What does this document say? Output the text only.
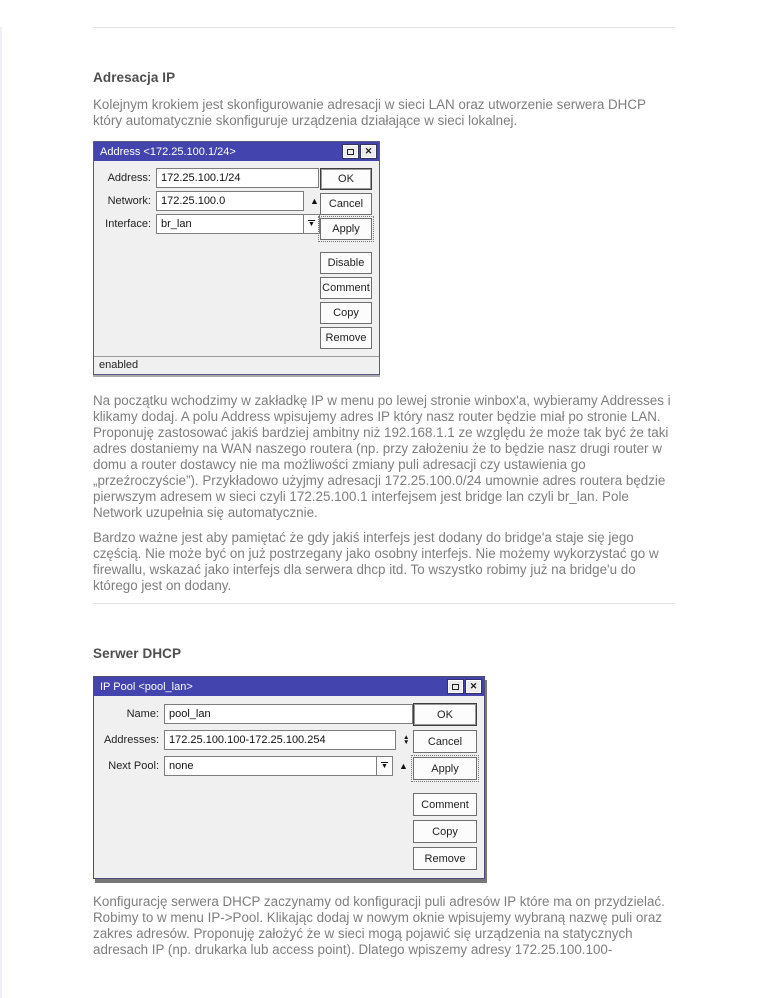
Adresacja IP

Kolejnym krokiem jest skonfigurowanie adresacji w sieci LAN oraz utworzenie serwera DHCP który automatycznie skonfiguruje urządzenia działające w sieci lokalnej.

Address <172.25.100.1/24>	✕
Address:
172.25.100.1/24
Network:
172.25.100.0	▲
Interface:
br_lan	▼
OK
Cancel
Apply
Disable
Comment
Copy
Remove
enabled

Na początku wchodzimy w zakładkę IP w menu po lewej stronie winbox'a, wybieramy Addresses i klikamy dodaj. A polu Address wpisujemy adres IP który nasz router będzie miał po stronie LAN. Proponuję zastosować jakiś bardziej ambitny niż 192.168.1.1 ze względu że może tak być że taki adres dostaniemy na WAN naszego routera (np. przy założeniu że to będzie nasz drugi router w domu a router dostawcy nie ma możliwości zmiany puli adresacji czy ustawienia go „przeźroczyście”). Przykładowo użyjmy adresacji 172.25.100.0/24 umownie adres routera będzie pierwszym adresem w sieci czyli 172.25.100.1 interfejsem jest bridge lan czyli br_lan. Pole Network uzupełnia się automatycznie.

Bardzo ważne jest aby pamiętać że gdy jakiś interfejs jest dodany do bridge'a staje się jego częścią. Nie może być on już postrzegany jako osobny interfejs. Nie możemy wykorzystać go w firewallu, wskazać jako interfejs dla serwera dhcp itd. To wszystko robimy już na bridge'u do którego jest on dodany.

Serwer DHCP
IP Pool <pool_lan>	✕
Name:
pool_lan
Addresses:
172.25.100.100-172.25.100.254	▲
▼
Next Pool:
none	▼ ▲
OK
Cancel
Apply
Comment
Copy
Remove

Konfigurację serwera DHCP zaczynamy od konfiguracji puli adresów IP które ma on przydzielać. Robimy to w menu IP->Pool. Klikając dodaj w nowym oknie wpisujemy wybraną nazwę puli oraz zakres adresów. Proponuję założyć że w sieci mogą pojawić się urządzenia na statycznych adresach IP (np. drukarka lub access point). Dlatego wpiszemy adresy 172.25.100.100-
